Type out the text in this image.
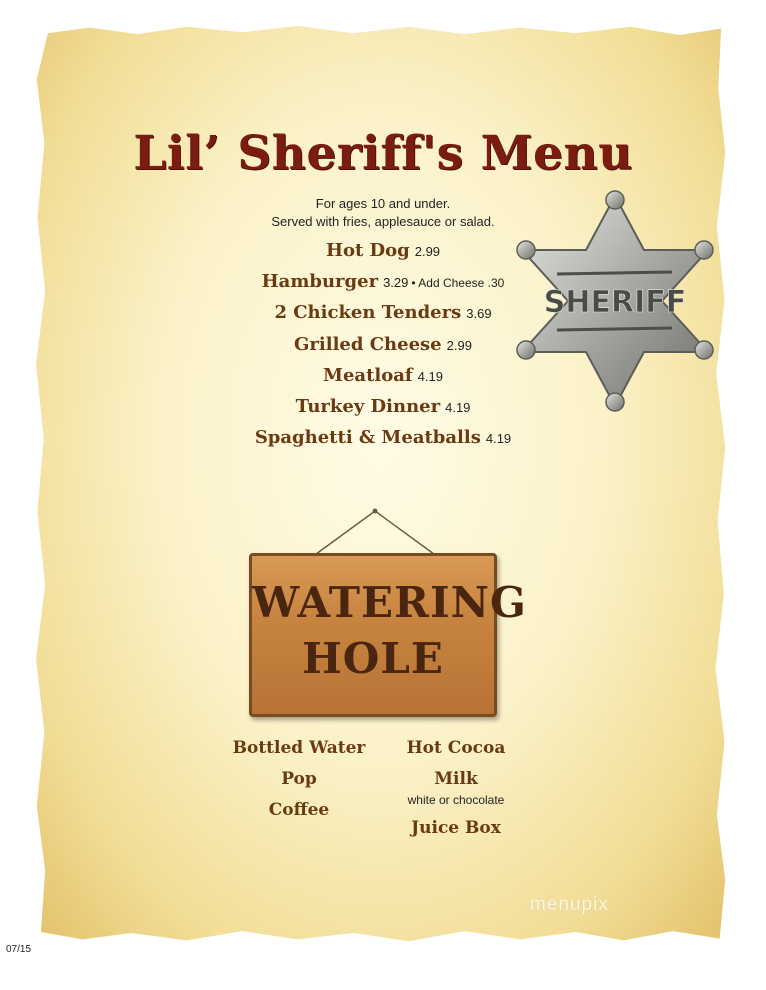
Lil’ Sheriff's Menu
For ages 10 and under.
Served with fries, applesauce or salad.
Hot Dog 2.99
Hamburger 3.29 • Add Cheese .30
2 Chicken Tenders 3.69
Grilled Cheese 2.99
Meatloaf 4.19
Turkey Dinner 4.19
Spaghetti & Meatballs 4.19
SHERIFF
WATERING
HOLE
Bottled Water
Pop
Coffee
Hot Cocoa
Milk
white or chocolate
Juice Box
menupix
07/15
